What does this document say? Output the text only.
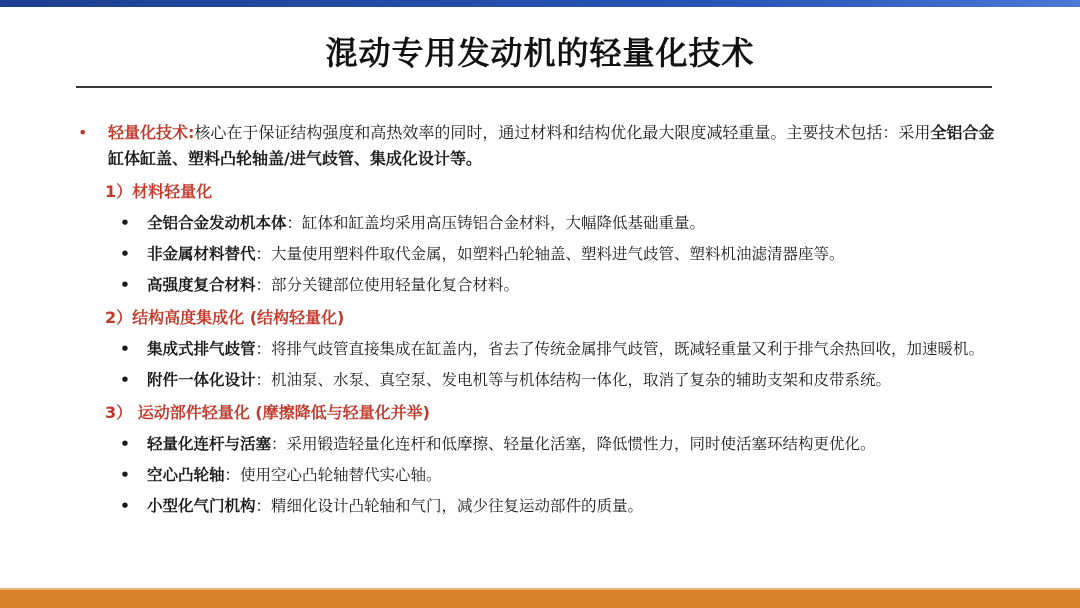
混动专用发动机的轻量化技术
•	轻量化技术:核心在于保证结构强度和高热效率的同时，通过材料和结构优化最大限度减轻重量。主要技术包括：采用全铝合金缸体缸盖、塑料凸轮轴盖/进气歧管、集成化设计等。
1）材料轻量化
•	全铝合金发动机本体：缸体和缸盖均采用高压铸铝合金材料，大幅降低基础重量。
•	非金属材料替代：大量使用塑料件取代金属，如塑料凸轮轴盖、塑料进气歧管、塑料机油滤清器座等。
•	高强度复合材料：部分关键部位使用轻量化复合材料。
2）结构高度集成化 (结构轻量化)
•	集成式排气歧管：将排气歧管直接集成在缸盖内，省去了传统金属排气歧管，既减轻重量又利于排气余热回收，加速暖机。
•	附件一体化设计：机油泵、水泵、真空泵、发电机等与机体结构一体化，取消了复杂的辅助支架和皮带系统。
3） 运动部件轻量化 (摩擦降低与轻量化并举)
•	轻量化连杆与活塞：采用锻造轻量化连杆和低摩擦、轻量化活塞，降低惯性力，同时使活塞环结构更优化。
•	空心凸轮轴：使用空心凸轮轴替代实心轴。
•	小型化气门机构：精细化设计凸轮轴和气门，减少往复运动部件的质量。
